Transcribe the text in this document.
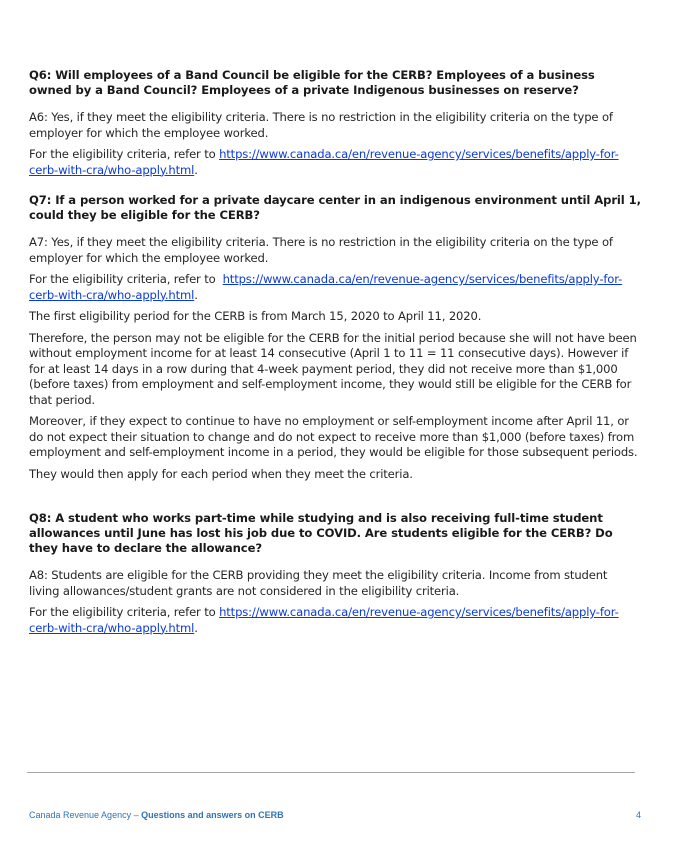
Q6: Will employees of a Band Council be eligible for the CERB? Employees of a business owned by a Band Council? Employees of a private Indigenous businesses on reserve?

A6: Yes, if they meet the eligibility criteria. There is no restriction in the eligibility criteria on the type of employer for which the employee worked.

For the eligibility criteria, refer to https://www.canada.ca/en/revenue-agency/services/benefits/apply-for-cerb-with-cra/who-apply.html.

Q7: If a person worked for a private daycare center in an indigenous environment until April 1, could they be eligible for the CERB?

A7: Yes, if they meet the eligibility criteria. There is no restriction in the eligibility criteria on the type of employer for which the employee worked.

For the eligibility criteria, refer to  https://www.canada.ca/en/revenue-agency/services/benefits/apply-for-cerb-with-cra/who-apply.html.

The first eligibility period for the CERB is from March 15, 2020 to April 11, 2020.

Therefore, the person may not be eligible for the CERB for the initial period because she will not have been without employment income for at least 14 consecutive (April 1 to 11 = 11 consecutive days). However if for at least 14 days in a row during that 4-week payment period, they did not receive more than $1,000 (before taxes) from employment and self-employment income, they would still be eligible for the CERB for that period.

Moreover, if they expect to continue to have no employment or self-employment income after April 11, or do not expect their situation to change and do not expect to receive more than $1,000 (before taxes) from employment and self-employment income in a period, they would be eligible for those subsequent periods.

They would then apply for each period when they meet the criteria.

Q8: A student who works part-time while studying and is also receiving full-time student allowances until June has lost his job due to COVID. Are students eligible for the CERB? Do they have to declare the allowance?

A8: Students are eligible for the CERB providing they meet the eligibility criteria. Income from student living allowances/student grants are not considered in the eligibility criteria.

For the eligibility criteria, refer to https://www.canada.ca/en/revenue-agency/services/benefits/apply-for-cerb-with-cra/who-apply.html.

Canada Revenue Agency – Questions and answers on CERB	4
